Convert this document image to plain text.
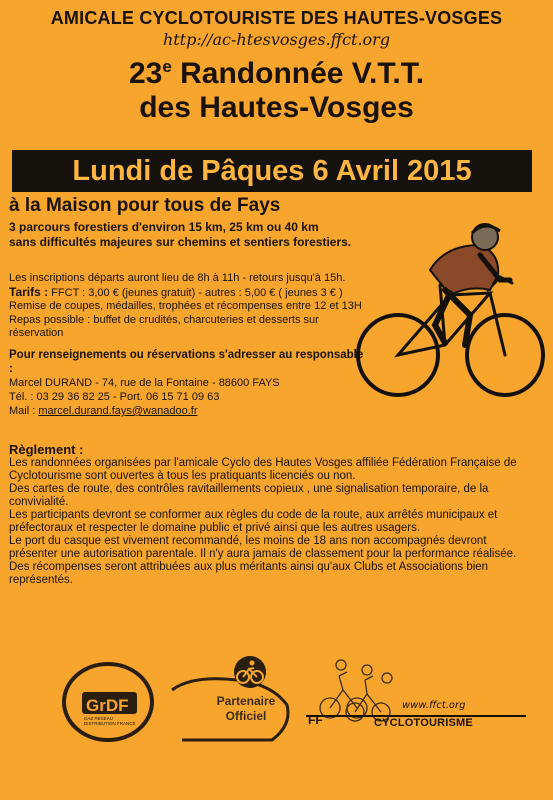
AMICALE CYCLOTOURISTE DES HAUTES-VOSGES
http://ac-htesvosges.ffct.org
23e Randonnée V.T.T.
des Hautes-Vosges
Lundi de Pâques 6 Avril 2015
à la Maison pour tous de Fays
3 parcours forestiers d'environ 15 km, 25 km ou 40 km
sans difficultés majeures sur chemins et sentiers forestiers.
Les inscriptions départs auront lieu de 8h à 11h - retours jusqu'à 15h.
Tarifs : FFCT : 3,00 € (jeunes gratuit) - autres : 5,00 € ( jeunes 3 € )
Remise de coupes, médailles, trophées et récompenses entre 12 et 13H
Repas possible : buffet de crudités, charcuteries et desserts sur réservation
Pour renseignements ou réservations s'adresser au responsable :
Marcel DURAND - 74, rue de la Fontaine - 88600 FAYS
Tél. : 03 29 36 82 25 - Port. 06 15 71 09 63
Mail : marcel.durand.fays@wanadoo.fr
Règlement :

Les randonnées organisées par l'amicale Cyclo des Hautes Vosges affiliée Fédération Française de Cyclotourisme sont ouvertes à tous les pratiquants licenciés ou non.

Des cartes de route, des contrôles ravitaillements copieux , une signalisation temporaire, de la convivialité.

Les participants devront se conformer aux règles du code de la route, aux arrêtés municipaux et préfectoraux et respecter le domaine public et privé ainsi que les autres usagers.

Le port du casque est vivement recommandé, les moins de 18 ans non accompagnés devront présenter une autorisation parentale. Il n'y aura jamais de classement pour la performance réalisée.

Des récompenses seront attribuées aux plus méritants ainsi qu'aux Clubs et Associations bien représentés.

GrDF
GAZ RESEAU DISTRIBUTION FRANCE
Partenaire
Officiel
www.ffct.org
FF	CYCLOTOURISME
